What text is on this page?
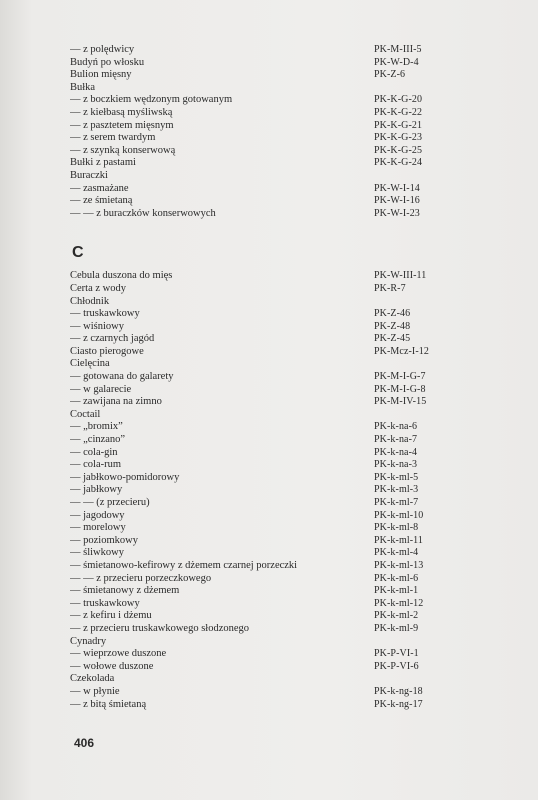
— z polędwicy	PK-M-III-5
Budyń po włosku	PK-W-D-4
Bulion mięsny	PK-Z-6
Bułka
— z boczkiem wędzonym gotowanym	PK-K-G-20
— z kiełbasą myśliwską	PK-K-G-22
— z pasztetem mięsnym	PK-K-G-21
— z serem twardym	PK-K-G-23
— z szynką konserwową	PK-K-G-25
Bułki z pastami	PK-K-G-24
Buraczki
— zasmażane	PK-W-I-14
— ze śmietaną	PK-W-I-16
— — z buraczków konserwowych	PK-W-I-23
C
Cebula duszona do mięs	PK-W-III-11
Certa z wody	PK-R-7
Chłodnik
— truskawkowy	PK-Z-46
— wiśniowy	PK-Z-48
— z czarnych jagód	PK-Z-45
Ciasto pierogowe	PK-Mcz-I-12
Cielęcina
— gotowana do galarety	PK-M-I-G-7
— w galarecie	PK-M-I-G-8
— zawijana na zimno	PK-M-IV-15
Coctail
— „bromix”	PK-k-na-6
— „cinzano”	PK-k-na-7
— cola-gin	PK-k-na-4
— cola-rum	PK-k-na-3
— jabłkowo-pomidorowy	PK-k-ml-5
— jabłkowy	PK-k-ml-3
— — (z przecieru)	PK-k-ml-7
— jagodowy	PK-k-ml-10
— morelowy	PK-k-ml-8
— poziomkowy	PK-k-ml-11
— śliwkowy	PK-k-ml-4
— śmietanowo-kefirowy z dżemem czarnej porzeczki	PK-k-ml-13
— — z przecieru porzeczkowego	PK-k-ml-6
— śmietanowy z dżemem	PK-k-ml-1
— truskawkowy	PK-k-ml-12
— z kefiru i dżemu	PK-k-ml-2
— z przecieru truskawkowego słodzonego	PK-k-ml-9
Cynadry
— wieprzowe duszone	PK-P-VI-1
— wołowe duszone	PK-P-VI-6
Czekolada
— w płynie	PK-k-ng-18
— z bitą śmietaną	PK-k-ng-17
406
